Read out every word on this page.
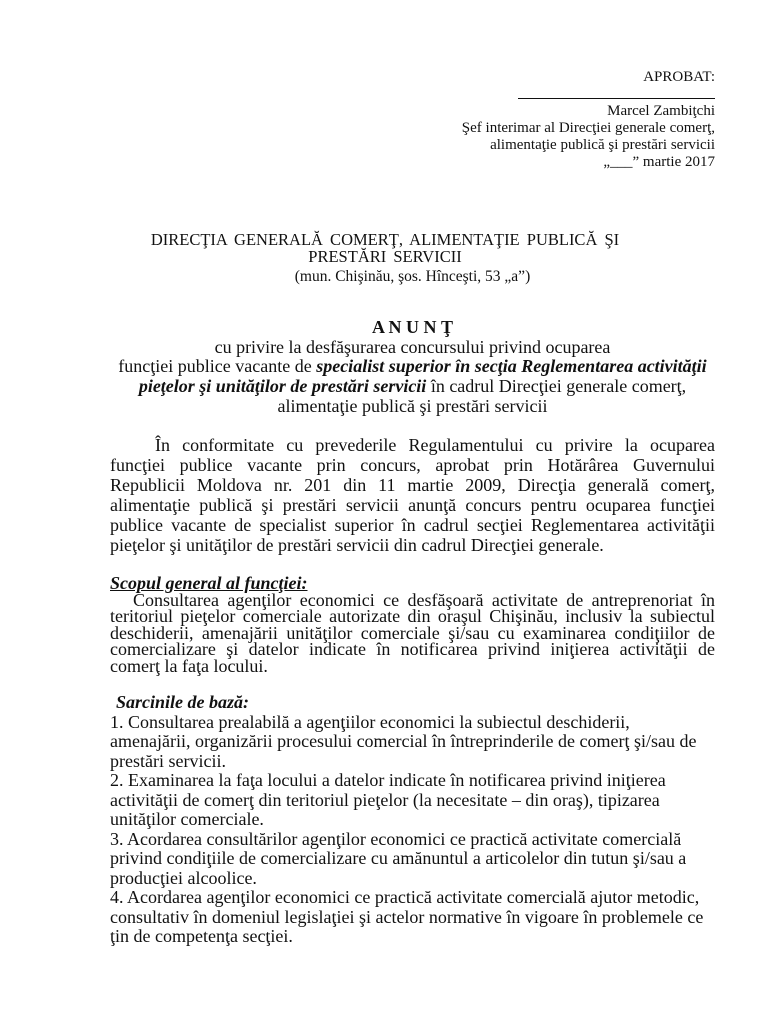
APROBAT:
Marcel Zambiţchi
Şef interimar al Direcţiei generale comerţ,
alimentaţie publică şi prestări servicii
„___” martie 2017
DIRECŢIA GENERALĂ COMERŢ, ALIMENTAŢIE PUBLICĂ ŞI
PRESTĂRI SERVICII
(mun. Chişinău, şos. Hînceşti, 53 „a”)
A N U N Ţ
cu privire la desfăşurarea concursului privind ocuparea
funcţiei publice vacante de specialist superior în secţia Reglementarea activităţii
pieţelor şi unităţilor de prestări servicii în cadrul Direcţiei generale comerţ,
alimentaţie publică şi prestări servicii
În conformitate cu prevederile Regulamentului cu privire la ocuparea
funcţiei publice vacante prin concurs, aprobat prin Hotărârea Guvernului
Republicii Moldova nr. 201 din 11 martie 2009, Direcţia generală comerţ,
alimentaţie publică şi prestări servicii anunţă concurs pentru ocuparea funcţiei
publice vacante de specialist superior în cadrul secţiei Reglementarea activităţii
pieţelor şi unităţilor de prestări servicii din cadrul Direcţiei generale.
Scopul general al funcţiei:
Consultarea agenţilor economici ce desfăşoară activitate de antreprenoriat în
teritoriul pieţelor comerciale autorizate din oraşul Chişinău, inclusiv la subiectul
deschiderii, amenajării unităţilor comerciale şi/sau cu examinarea condiţiilor de
comercializare şi datelor indicate în notificarea privind iniţierea activităţii de
comerţ la faţa locului.
Sarcinile de bază:
1. Consultarea prealabilă a agenţiilor economici la subiectul deschiderii,
amenajării, organizării procesului comercial în întreprinderile de comerţ şi/sau de
prestări servicii.
2. Examinarea la faţa locului a datelor indicate în notificarea privind iniţierea
activităţii de comerţ din teritoriul pieţelor (la necesitate – din oraş), tipizarea
unităţilor comerciale.
3. Acordarea consultărilor agenţilor economici ce practică activitate comercială
privind condiţiile de comercializare cu amănuntul a articolelor din tutun şi/sau a
producţiei alcoolice.
4. Acordarea agenţilor economici ce practică activitate comercială ajutor metodic,
consultativ în domeniul legislaţiei şi actelor normative în vigoare în problemele ce
ţin de competenţa secţiei.
